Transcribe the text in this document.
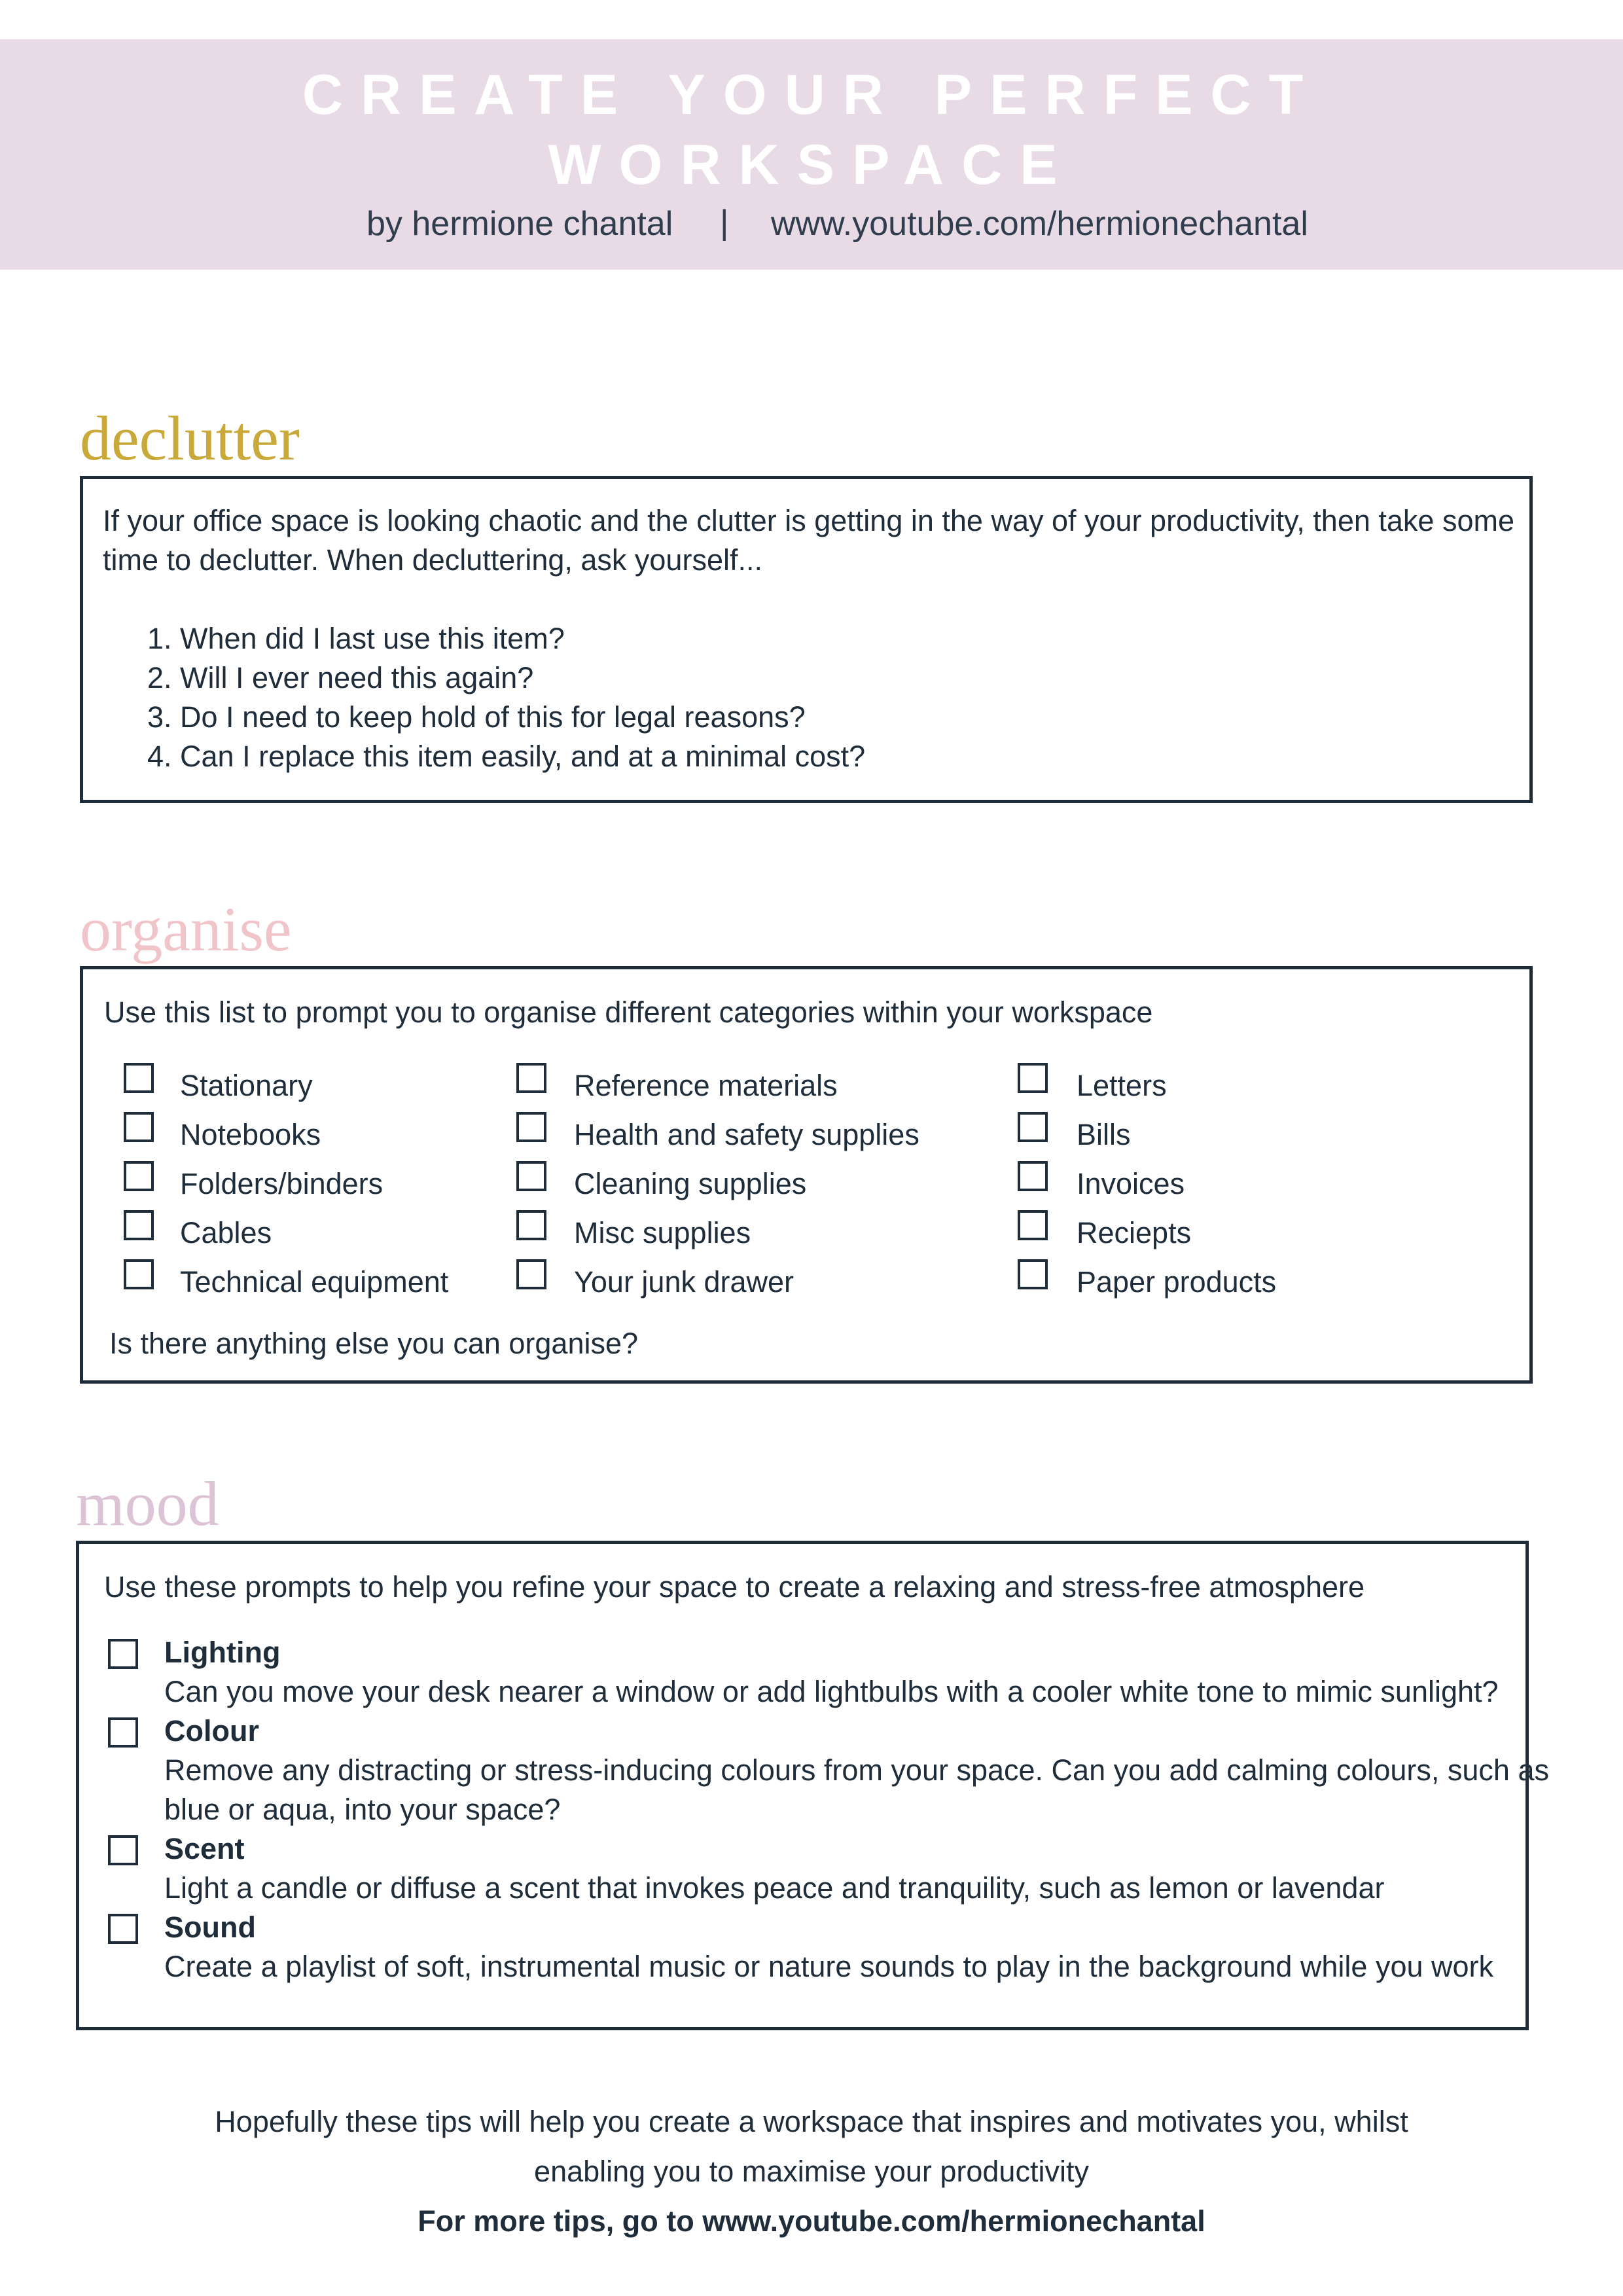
CREATE YOUR PERFECT
WORKSPACE
by hermione chantal | www.youtube.com/hermionechantal
declutter
If your office space is looking chaotic and the clutter is getting in the way of your productivity, then take some
time to declutter. When decluttering, ask yourself...
1. When did I last use this item?
2. Will I ever need this again?
3. Do I need to keep hold of this for legal reasons?
4. Can I replace this item easily, and at a minimal cost?
organise
Use this list to prompt you to organise different categories within your workspace
Stationary
Notebooks
Folders/binders
Cables
Technical equipment
Reference materials
Health and safety supplies
Cleaning supplies
Misc supplies
Your junk drawer
Letters
Bills
Invoices
Reciepts
Paper products
Is there anything else you can organise?
mood
Use these prompts to help you refine your space to create a relaxing and stress-free atmosphere
Lighting
Can you move your desk nearer a window or add lightbulbs with a cooler white tone to mimic sunlight?
Colour
Remove any distracting or stress-inducing colours from your space. Can you add calming colours, such as
blue or aqua, into your space?
Scent
Light a candle or diffuse a scent that invokes peace and tranquility, such as lemon or lavendar
Sound
Create a playlist of soft, instrumental music or nature sounds to play in the background while you work
Hopefully these tips will help you create a workspace that inspires and motivates you, whilst
enabling you to maximise your productivity
For more tips, go to www.youtube.com/hermionechantal
